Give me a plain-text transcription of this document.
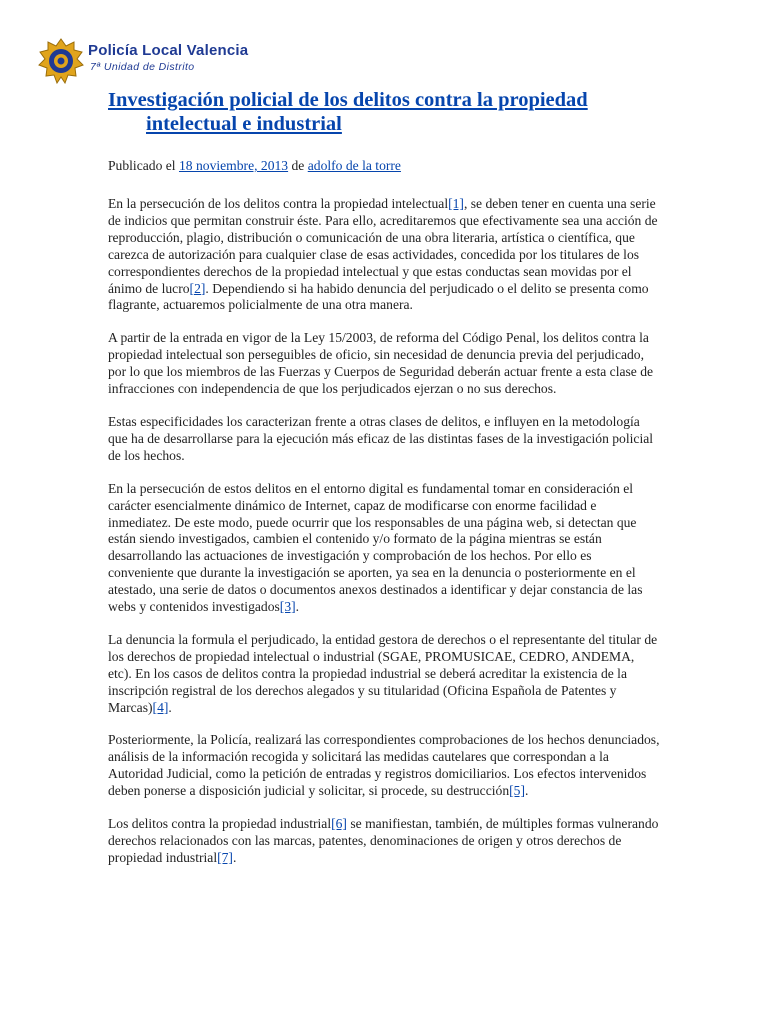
Policía Local Valencia
7ª Unidad de Distrito
Investigación policial de los delitos contra la propiedad intelectual e industrial
Publicado el 18 noviembre, 2013 de adolfo de la torre

En la persecución de los delitos contra la propiedad intelectual[1], se deben tener en cuenta una serie de indicios que permitan construir éste. Para ello, acreditaremos que efectivamente sea una acción de reproducción, plagio, distribución o comunicación de una obra literaria, artística o científica, que carezca de autorización para cualquier clase de esas actividades, concedida por los titulares de los correspondientes derechos de la propiedad intelectual y que estas conductas sean movidas por el ánimo de lucro[2]. Dependiendo si ha habido denuncia del perjudicado o el delito se presenta como flagrante, actuaremos policialmente de una otra manera.

A partir de la entrada en vigor de la Ley 15/2003, de reforma del Código Penal, los delitos contra la propiedad intelectual son perseguibles de oficio, sin necesidad de denuncia previa del perjudicado, por lo que los miembros de las Fuerzas y Cuerpos de Seguridad deberán actuar frente a esta clase de infracciones con independencia de que los perjudicados ejerzan o no sus derechos.

Estas especificidades los caracterizan frente a otras clases de delitos, e influyen en la metodología que ha de desarrollarse para la ejecución más eficaz de las distintas fases de la investigación policial de los hechos.

En la persecución de estos delitos en el entorno digital es fundamental tomar en consideración el carácter esencialmente dinámico de Internet, capaz de modificarse con enorme facilidad e inmediatez. De este modo, puede ocurrir que los responsables de una página web, si detectan que están siendo investigados, cambien el contenido y/o formato de la página mientras se están desarrollando las actuaciones de investigación y comprobación de los hechos. Por ello es conveniente que durante la investigación se aporten, ya sea en la denuncia o posteriormente en el atestado, una serie de datos o documentos anexos destinados a identificar y dejar constancia de las webs y contenidos investigados[3].

La denuncia la formula el perjudicado, la entidad gestora de derechos o el representante del titular de los derechos de propiedad intelectual o industrial (SGAE, PROMUSICAE, CEDRO, ANDEMA, etc). En los casos de delitos contra la propiedad industrial se deberá acreditar la existencia de la inscripción registral de los derechos alegados y su titularidad (Oficina Española de Patentes y Marcas)[4].

Posteriormente, la Policía, realizará las correspondientes comprobaciones de los hechos denunciados, análisis de la información recogida y solicitará las medidas cautelares que correspondan a la Autoridad Judicial, como la petición de entradas y registros domiciliarios. Los efectos intervenidos deben ponerse a disposición judicial y solicitar, si procede, su destrucción[5].

Los delitos contra la propiedad industrial[6] se manifiestan, también, de múltiples formas vulnerando derechos relacionados con las marcas, patentes, denominaciones de origen y otros derechos de propiedad industrial[7].
